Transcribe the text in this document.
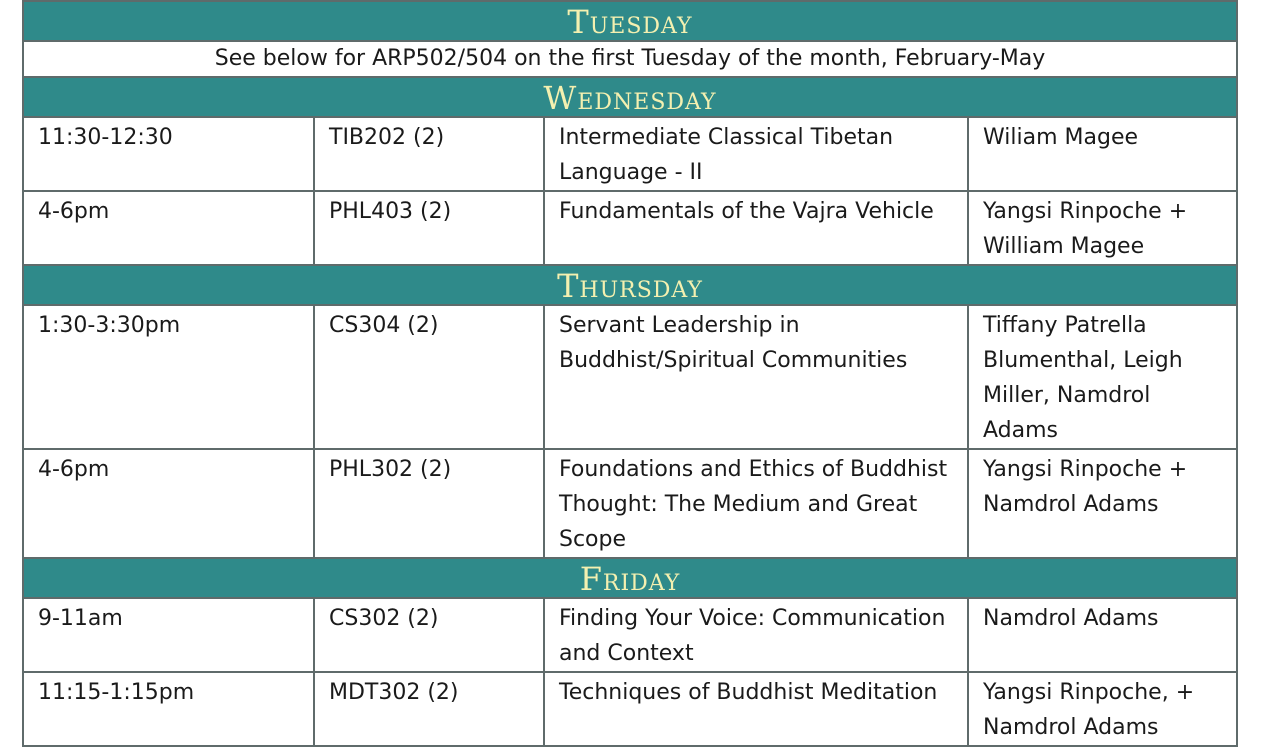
Tuesday			
See below for ARP502/504 on the first Tuesday of the month, February-May			
Wednesday			
11:30-12:30	TIB202 (2)	Intermediate Classical Tibetan Language - II	Wiliam Magee
4-6pm	PHL403 (2)	Fundamentals of the Vajra Vehicle	Yangsi Rinpoche + William Magee
Thursday			
1:30-3:30pm	CS304 (2)	Servant Leadership in Buddhist/Spiritual Communities	Tiffany Patrella Blumenthal, Leigh Miller, Namdrol Adams
4-6pm	PHL302 (2)	Foundations and Ethics of Buddhist Thought: The Medium and Great Scope	Yangsi Rinpoche + Namdrol Adams
Friday			
9-11am	CS302 (2)	Finding Your Voice: Communication and Context	Namdrol Adams
11:15-1:15pm	MDT302 (2)	Techniques of Buddhist Meditation	Yangsi Rinpoche, + Namdrol Adams
